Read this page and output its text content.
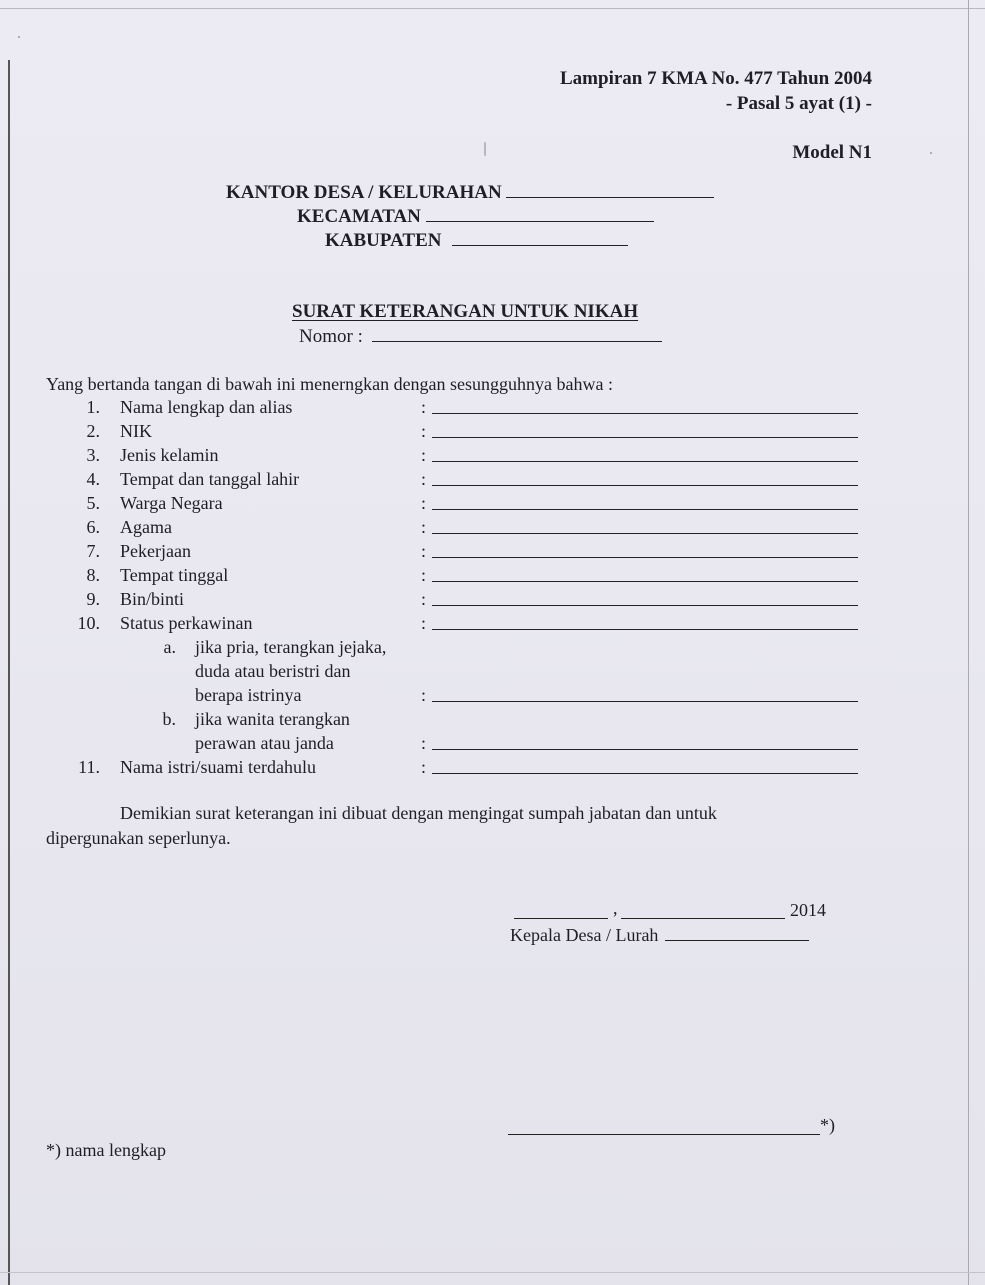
Lampiran 7 KMA No. 477 Tahun 2004
- Pasal 5 ayat (1) -
Model N1
KANTOR DESA / KELURAHAN
KECAMATAN
KABUPATEN
SURAT KETERANGAN UNTUK NIKAH
Nomor :
Yang bertanda tangan di bawah ini menerngkan dengan sesungguhnya bahwa :
1. Nama lengkap dan alias	:
2. NIK	:
3. Jenis kelamin	:
4. Tempat dan tanggal lahir	:
5. Warga Negara	:
6. Agama	:
7. Pekerjaan	:
8. Tempat tinggal	:
9. Bin/binti	:
10. Status perkawinan	:
a. jika pria, terangkan jejaka,
duda atau beristri dan
berapa istrinya	:
b. jika wanita terangkan
perawan atau janda	:
11. Nama istri/suami terdahulu	:
Demikian surat keterangan ini dibuat dengan mengingat sumpah jabatan dan untuk
dipergunakan seperlunya.
,	2014
Kepala Desa / Lurah
*)
*) nama lengkap
